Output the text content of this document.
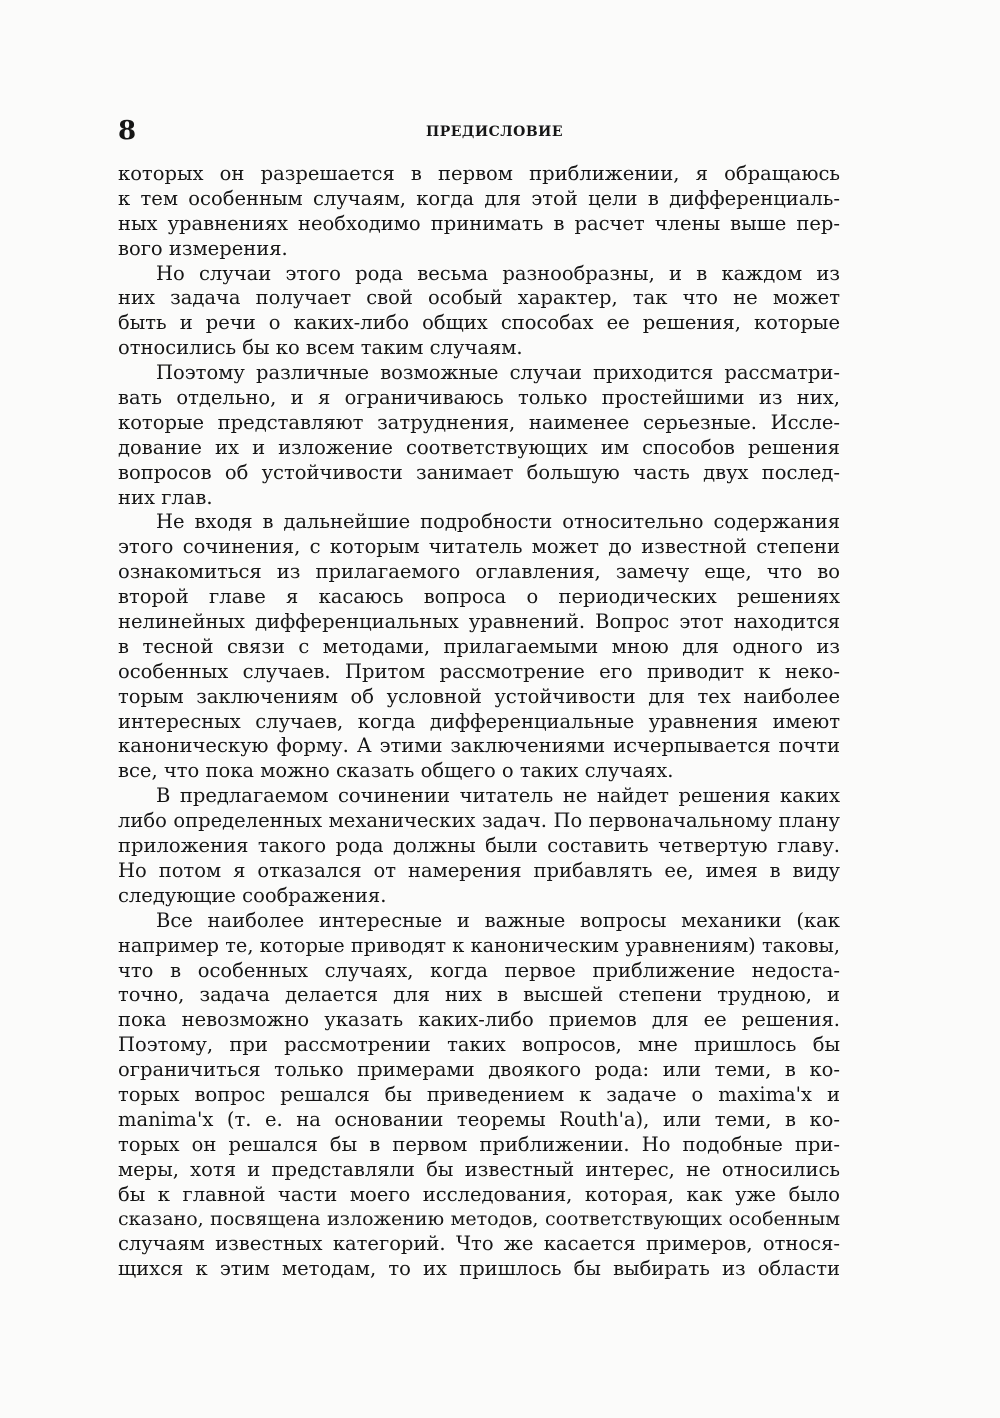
8	ПРЕДИСЛОВИЕ
которых он разрешается в первом приближении, я обращаюсь
к тем особенным случаям, когда для этой цели в дифференциаль-
ных уравнениях необходимо принимать в расчет члены выше пер-
вого измерения.
Но случаи этого рода весьма разнообразны, и в каждом из
них задача получает свой особый характер, так что не может
быть и речи о каких-либо общих способах ее решения, которые
относились бы ко всем таким случаям.
Поэтому различные возможные случаи приходится рассматри-
вать отдельно, и я ограничиваюсь только простейшими из них,
которые представляют затруднения, наименее серьезные. Иссле-
дование их и изложение соответствующих им способов решения
вопросов об устойчивости занимает большую часть двух послед-
них глав.
Не входя в дальнейшие подробности относительно содержания
этого сочинения, с которым читатель может до известной степени
ознакомиться из прилагаемого оглавления, замечу еще, что во
второй главе я касаюсь вопроса о периодических решениях
нелинейных дифференциальных уравнений. Вопрос этот находится
в тесной связи с методами, прилагаемыми мною для одного из
особенных случаев. Притом рассмотрение его приводит к неко-
торым заключениям об условной устойчивости для тех наиболее
интересных случаев, когда дифференциальные уравнения имеют
каноническую форму. А этими заключениями исчерпывается почти
все, что пока можно сказать общего о таких случаях.
В предлагаемом сочинении читатель не найдет решения каких
либо определенных механических задач. По первоначальному плану
приложения такого рода должны были составить четвертую главу.
Но потом я отказался от намерения прибавлять ее, имея в виду
следующие соображения.
Все наиболее интересные и важные вопросы механики (как
например те, которые приводят к каноническим уравнениям) таковы,
что в особенных случаях, когда первое приближение недоста-
точно, задача делается для них в высшей степени трудною, и
пока невозможно указать каких-либо приемов для ее решения.
Поэтому, при рассмотрении таких вопросов, мне пришлось бы
ограничиться только примерами двоякого рода: или теми, в ко-
торых вопрос решался бы приведением к задаче о maxima'x и
manima'x (т. е. на основании теоремы Routh'a), или теми, в ко-
торых он решался бы в первом приближении. Но подобные при-
меры, хотя и представляли бы известный интерес, не относились
бы к главной части моего исследования, которая, как уже было
сказано, посвящена изложению методов, соответствующих особенным
случаям известных категорий. Что же касается примеров, относя-
щихся к этим методам, то их пришлось бы выбирать из области
